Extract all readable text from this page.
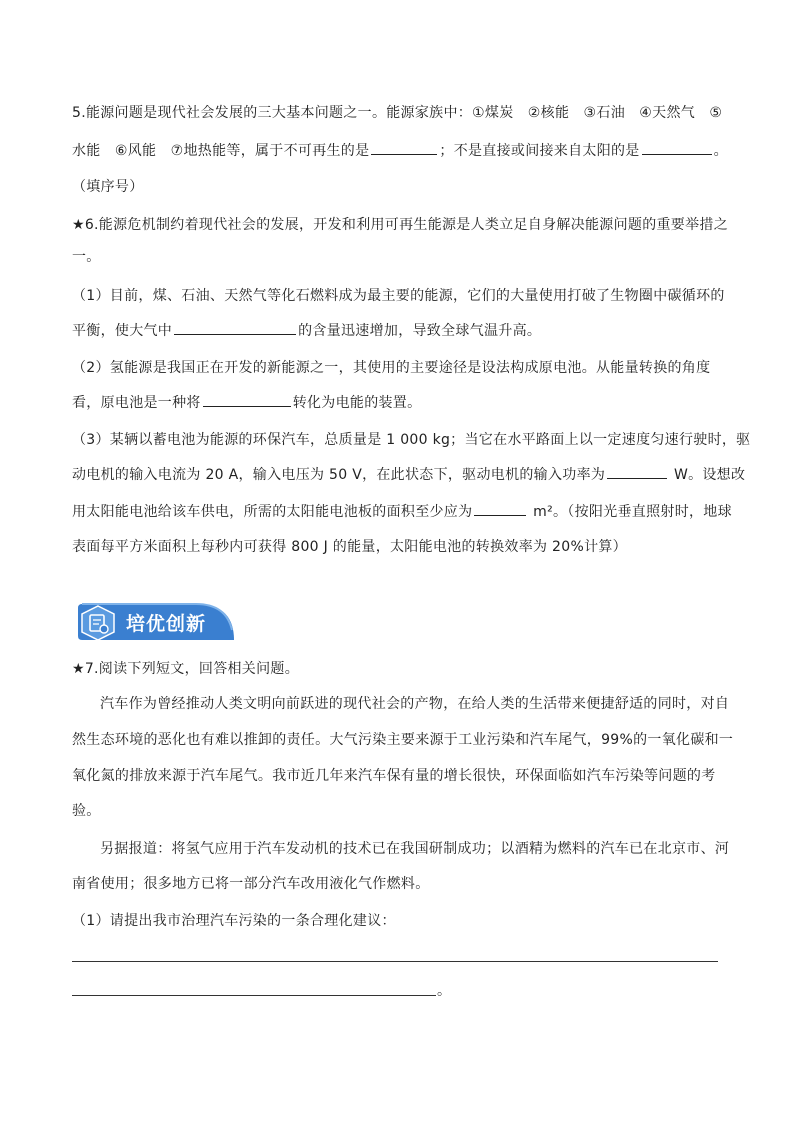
5.能源问题是现代社会发展的三大基本问题之一。能源家族中：①煤炭　②核能　③石油　④天然气　⑤
水能　⑥风能　⑦地热能等，属于不可再生的是	；不是直接或间接来自太阳的是	。
（填序号）
★6.能源危机制约着现代社会的发展，开发和利用可再生能源是人类立足自身解决能源问题的重要举措之
一。
（1）目前，煤、石油、天然气等化石燃料成为最主要的能源，它们的大量使用打破了生物圈中碳循环的
平衡，使大气中	的含量迅速增加，导致全球气温升高。
（2）氢能源是我国正在开发的新能源之一，其使用的主要途径是设法构成原电池。从能量转换的角度
看，原电池是一种将	转化为电能的装置。
（3）某辆以蓄电池为能源的环保汽车，总质量是 1 000 kg；当它在水平路面上以一定速度匀速行驶时，驱
动电机的输入电流为 20 A，输入电压为 50 V，在此状态下，驱动电机的输入功率为	W。设想改
用太阳能电池给该车供电，所需的太阳能电池板的面积至少应为	m²。（按阳光垂直照射时，地球
表面每平方米面积上每秒内可获得 800 J 的能量，太阳能电池的转换效率为 20%计算）
培优创新
★7.阅读下列短文，回答相关问题。
汽车作为曾经推动人类文明向前跃进的现代社会的产物，在给人类的生活带来便捷舒适的同时，对自
然生态环境的恶化也有难以推卸的责任。大气污染主要来源于工业污染和汽车尾气，99%的一氧化碳和一
氧化氮的排放来源于汽车尾气。我市近几年来汽车保有量的增长很快，环保面临如汽车污染等问题的考
验。
另据报道：将氢气应用于汽车发动机的技术已在我国研制成功；以酒精为燃料的汽车已在北京市、河
南省使用；很多地方已将一部分汽车改用液化气作燃料。
（1）请提出我市治理汽车污染的一条合理化建议：
。
